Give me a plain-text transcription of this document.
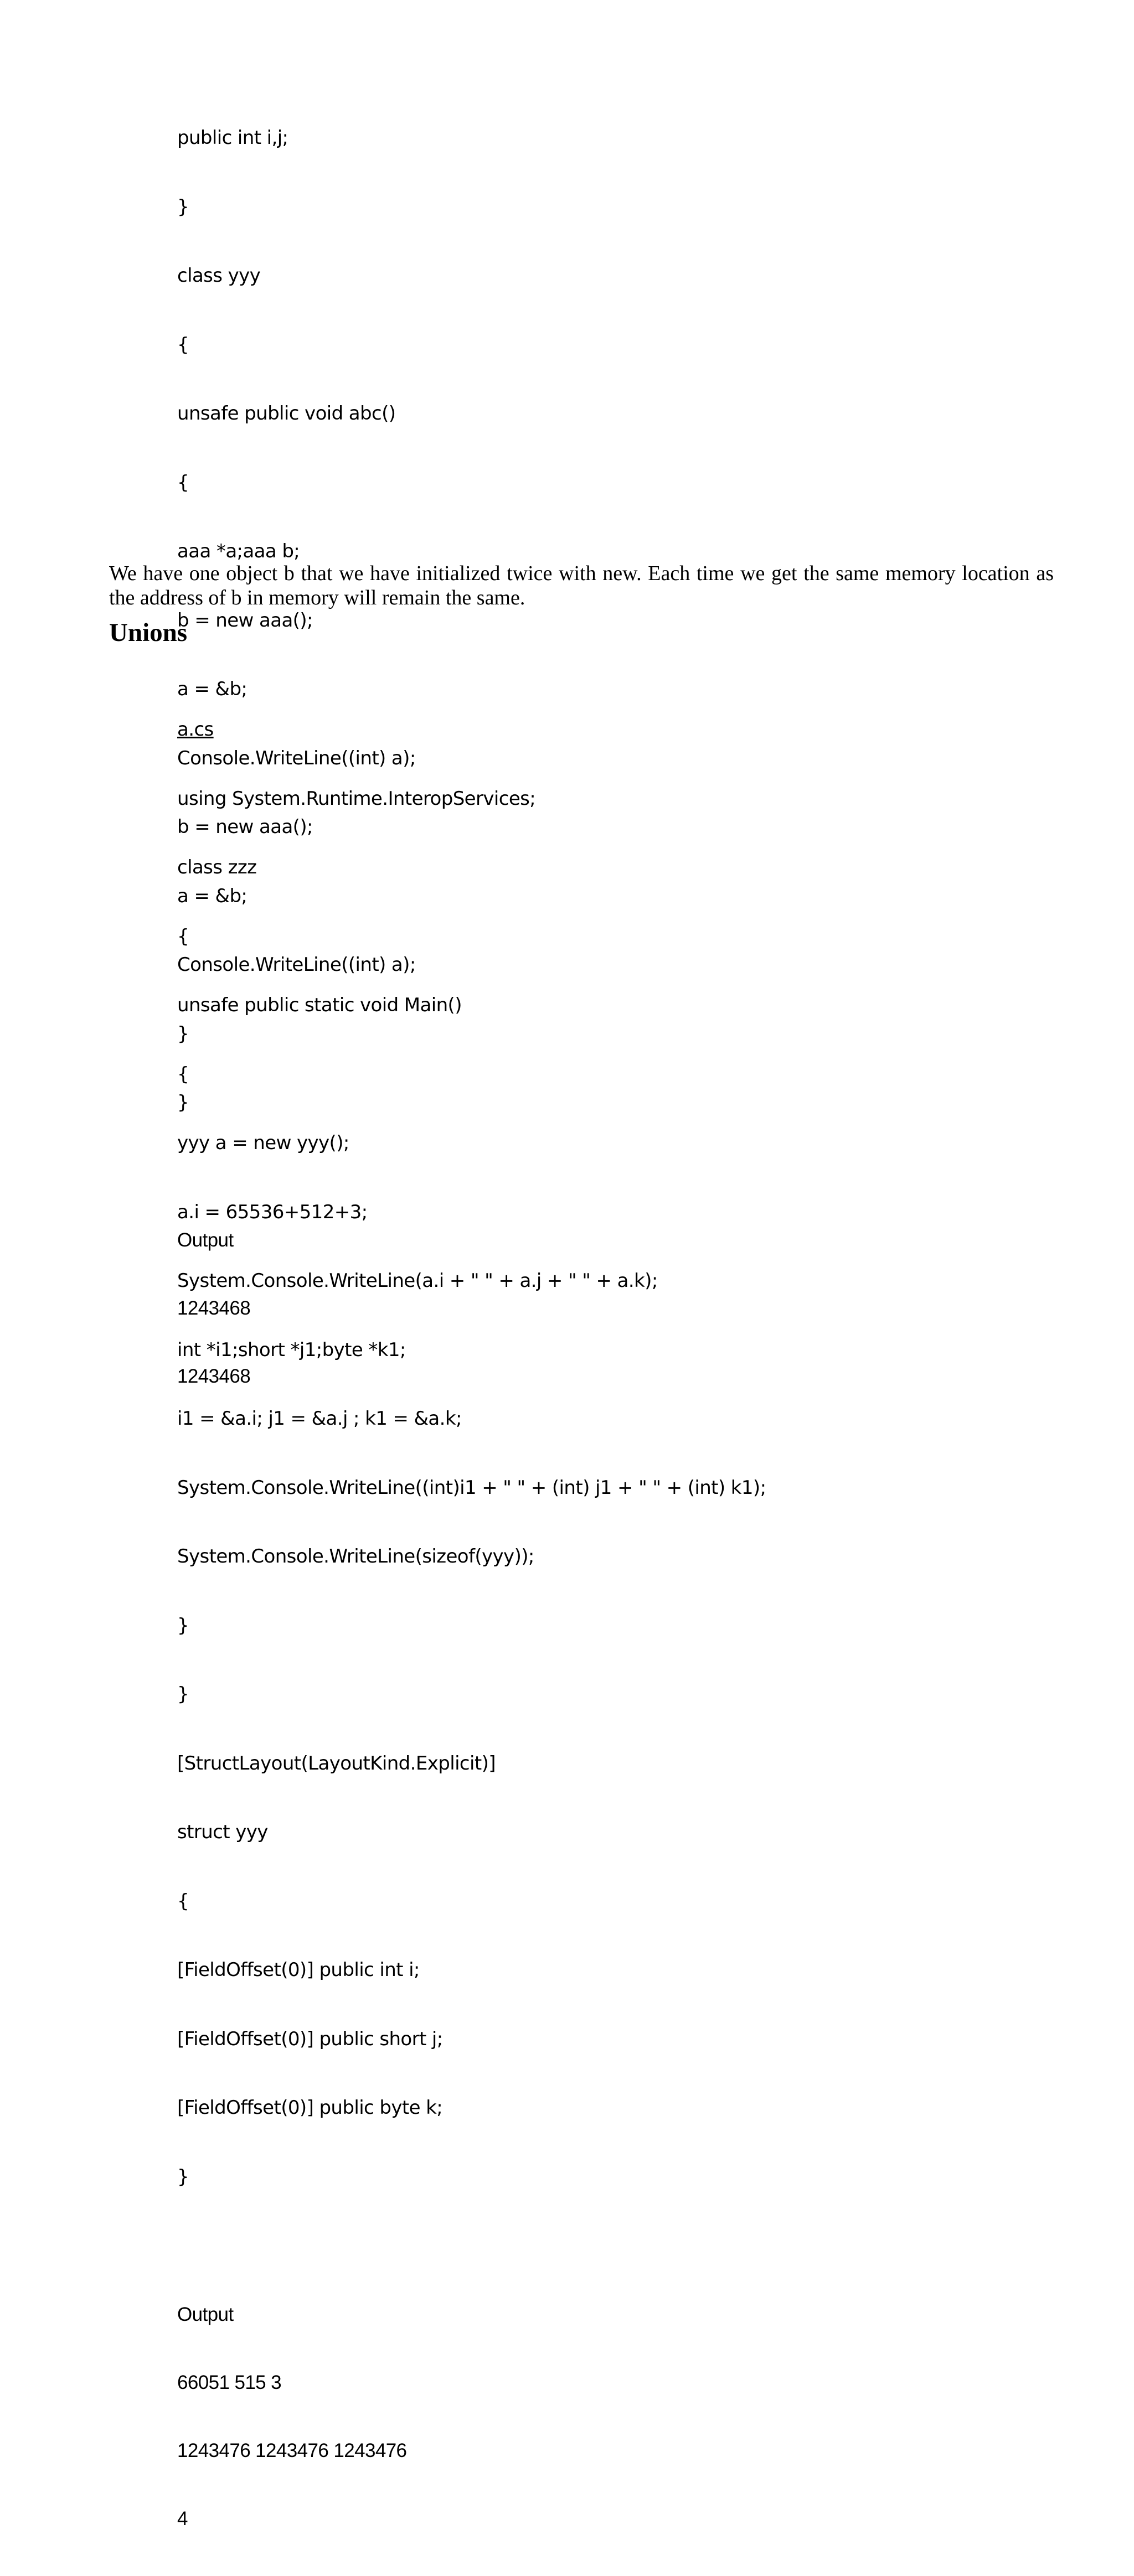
public int i,j;

}

class yyy

{

unsafe public void abc()

{

aaa *a;aaa b;

b = new aaa();

a = &b;

Console.WriteLine((int) a);

b = new aaa();

a = &b;

Console.WriteLine((int) a);

}

}

Output

1243468

1243468

We have one object b that we have initialized twice with new. Each time we get the same memory location as the address of b in memory will remain the same.

Unions

a.cs

using System.Runtime.InteropServices;

class zzz

{

unsafe public static void Main()

{

yyy a = new yyy();

a.i = 65536+512+3;

System.Console.WriteLine(a.i + " " + a.j + " " + a.k);

int *i1;short *j1;byte *k1;

i1 = &a.i; j1 = &a.j ; k1 = &a.k;

System.Console.WriteLine((int)i1 + " " + (int) j1 + " " + (int) k1);

System.Console.WriteLine(sizeof(yyy));

}

}

[StructLayout(LayoutKind.Explicit)]

struct yyy

{

[FieldOffset(0)] public int i;

[FieldOffset(0)] public short j;

[FieldOffset(0)] public byte k;

}

Output

66051 515 3

1243476 1243476 1243476

4
